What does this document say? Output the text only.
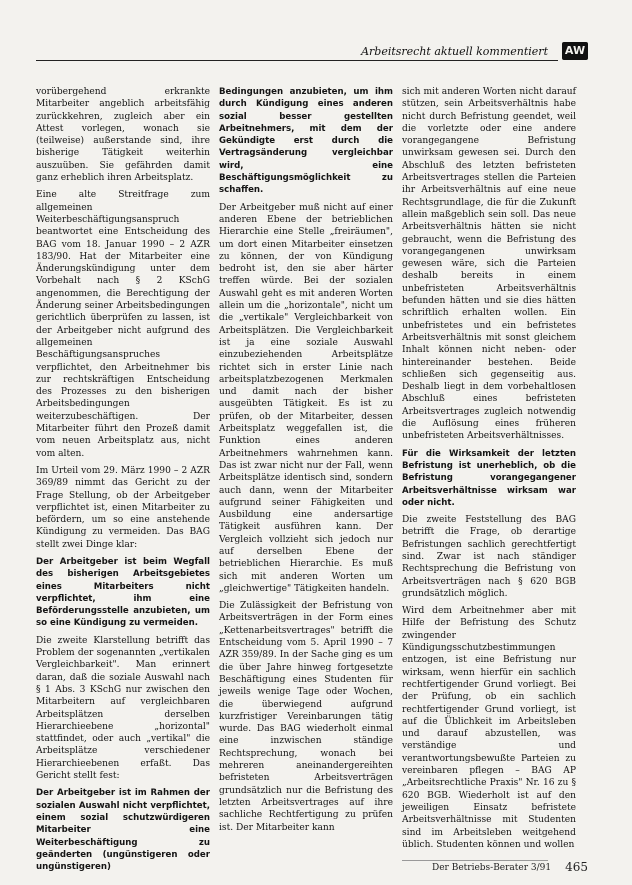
Arbeitsrecht aktuell kommentiert AW

vorübergehend erkrankte Mitarbeiter angeblich arbeitsfähig zurückkehren, zugleich aber ein Attest vorlegen, wonach sie (teilweise) außerstande sind, ihre bisherige Tätigkeit weiterhin auszuüben. Sie gefährden damit ganz erheblich ihren Arbeitsplatz.

Eine alte Streitfrage zum allgemeinen Weiterbeschäftigungsanspruch beantwortet eine Entscheidung des BAG vom 18. Januar 1990 – 2 AZR 183/90. Hat der Mitarbeiter eine Änderungskündigung unter dem Vorbehalt nach § 2 KSchG angenommen, die Berechtigung der Änderung seiner Arbeitsbedingungen gerichtlich überprüfen zu lassen, ist der Arbeitgeber nicht aufgrund des allgemeinen Beschäftigungsanspruches verpflichtet, den Arbeitnehmer bis zur rechtskräftigen Entscheidung des Prozesses zu den bisherigen Arbeitsbedingungen weiterzubeschäftigen. Der Mitarbeiter führt den Prozeß damit vom neuen Arbeitsplatz aus, nicht vom alten.

Im Urteil vom 29. März 1990 – 2 AZR 369/89 nimmt das Gericht zu der Frage Stellung, ob der Arbeitgeber verpflichtet ist, einen Mitarbeiter zu befördern, um so eine anstehende Kündigung zu vermeiden. Das BAG stellt zwei Dinge klar:

Der Arbeitgeber ist beim Wegfall des bisherigen Arbeitsgebietes eines Mitarbeiters nicht verpflichtet, ihm eine Beförderungsstelle anzubieten, um so eine Kündigung zu vermeiden.

Die zweite Klarstellung betrifft das Problem der sogenannten „vertikalen Vergleichbarkeit". Man erinnert daran, daß die soziale Auswahl nach § 1 Abs. 3 KSchG nur zwischen den Mitarbeitern auf vergleichbaren Arbeitsplätzen derselben Hierarchieebene „horizontal" stattfindet, oder auch „vertikal" die Arbeitsplätze verschiedener Hierarchieebenen erfaßt. Das Gericht stellt fest:

Der Arbeitgeber ist im Rahmen der sozialen Auswahl nicht verpflichtet, einem sozial schutzwürdigeren Mitarbeiter eine Weiterbeschäftigung zu geänderten (ungünstigeren oder ungünstigeren)

Bedingungen anzubieten, um ihm durch Kündigung eines anderen sozial besser gestellten Arbeitnehmers, mit dem der Gekündigte erst durch die Vertragsänderung vergleichbar wird, eine Beschäftigungsmöglichkeit zu schaffen.

Der Arbeitgeber muß nicht auf einer anderen Ebene der betrieblichen Hierarchie eine Stelle „freiräumen", um dort einen Mitarbeiter einsetzen zu können, der von Kündigung bedroht ist, den sie aber härter treffen würde. Bei der sozialen Auswahl geht es mit anderen Worten allein um die „horizontale", nicht um die „vertikale" Vergleichbarkeit von Arbeitsplätzen. Die Vergleichbarkeit ist ja eine soziale Auswahl einzubeziehenden Arbeitsplätze richtet sich in erster Linie nach arbeitsplatzbezogenen Merkmalen und damit nach der bisher ausgeübten Tätigkeit. Es ist zu prüfen, ob der Mitarbeiter, dessen Arbeitsplatz weggefallen ist, die Funktion eines anderen Arbeitnehmers wahrnehmen kann. Das ist zwar nicht nur der Fall, wenn Arbeitsplätze identisch sind, sondern auch dann, wenn der Mitarbeiter aufgrund seiner Fähigkeiten und Ausbildung eine andersartige Tätigkeit ausführen kann. Der Vergleich vollzieht sich jedoch nur auf derselben Ebene der betrieblichen Hierarchie. Es muß sich mit anderen Worten um „gleichwertige" Tätigkeiten handeln.

Die Zulässigkeit der Befristung von Arbeitsverträgen in der Form eines „Kettenarbeitsvertrages" betrifft die Entscheidung vom 5. April 1990 – 7 AZR 359/89. In der Sache ging es um die über Jahre hinweg fortgesetzte Beschäftigung eines Studenten für jeweils wenige Tage oder Wochen, die überwiegend aufgrund kurzfristiger Vereinbarungen tätig wurde. Das BAG wiederholt einmal eine inzwischen ständige Rechtsprechung, wonach bei mehreren aneinandergereihten befristeten Arbeitsverträgen grundsätzlich nur die Befristung des letzten Arbeitsvertrages auf ihre sachliche Rechtfertigung zu prüfen ist. Der Mitarbeiter kann

sich mit anderen Worten nicht darauf stützen, sein Arbeitsverhältnis habe nicht durch Befristung geendet, weil die vorletzte oder eine andere vorangegangene Befristung unwirksam gewesen sei. Durch den Abschluß des letzten befristeten Arbeitsvertrages stellen die Parteien ihr Arbeitsverhältnis auf eine neue Rechtsgrundlage, die für die Zukunft allein maßgeblich sein soll. Das neue Arbeitsverhältnis hätten sie nicht gebraucht, wenn die Befristung des vorangegangenen unwirksam gewesen wäre, sich die Parteien deshalb bereits in einem unbefristeten Arbeitsverhältnis befunden hätten und sie dies hätten schriftlich erhalten wollen. Ein unbefristetes und ein befristetes Arbeitsverhältnis mit sonst gleichem Inhalt können nicht neben- oder hintereinander bestehen. Beide schließen sich gegenseitig aus. Deshalb liegt in dem vorbehaltlosen Abschluß eines befristeten Arbeitsvertrages zugleich notwendig die Auflösung eines früheren unbefristeten Arbeitsverhältnisses.

Für die Wirksamkeit der letzten Befristung ist unerheblich, ob die Befristung vorangegangener Arbeitsverhältnisse wirksam war oder nicht.

Die zweite Feststellung des BAG betrifft die Frage, ob derartige Befristungen sachlich gerechtfertigt sind. Zwar ist nach ständiger Rechtsprechung die Befristung von Arbeitsverträgen nach § 620 BGB grundsätzlich möglich.

Wird dem Arbeitnehmer aber mit Hilfe der Befristung des Schutz zwingender Kündigungsschutzbestimmungen entzogen, ist eine Befristung nur wirksam, wenn hierfür ein sachlich rechtfertigender Grund vorliegt. Bei der Prüfung, ob ein sachlich rechtfertigender Grund vorliegt, ist auf die Üblichkeit im Arbeitsleben und darauf abzustellen, was verständige und verantwortungsbewußte Parteien zu vereinbaren pflegen – BAG AP „Arbeitsrechtliche Praxis" Nr. 16 zu § 620 BGB. Wiederholt ist auf den jeweiligen Einsatz befristete Arbeitsverhältnisse mit Studenten sind im Arbeitsleben weitgehend üblich. Studenten können und wollen

Der Betriebs-Berater 3/91 465
